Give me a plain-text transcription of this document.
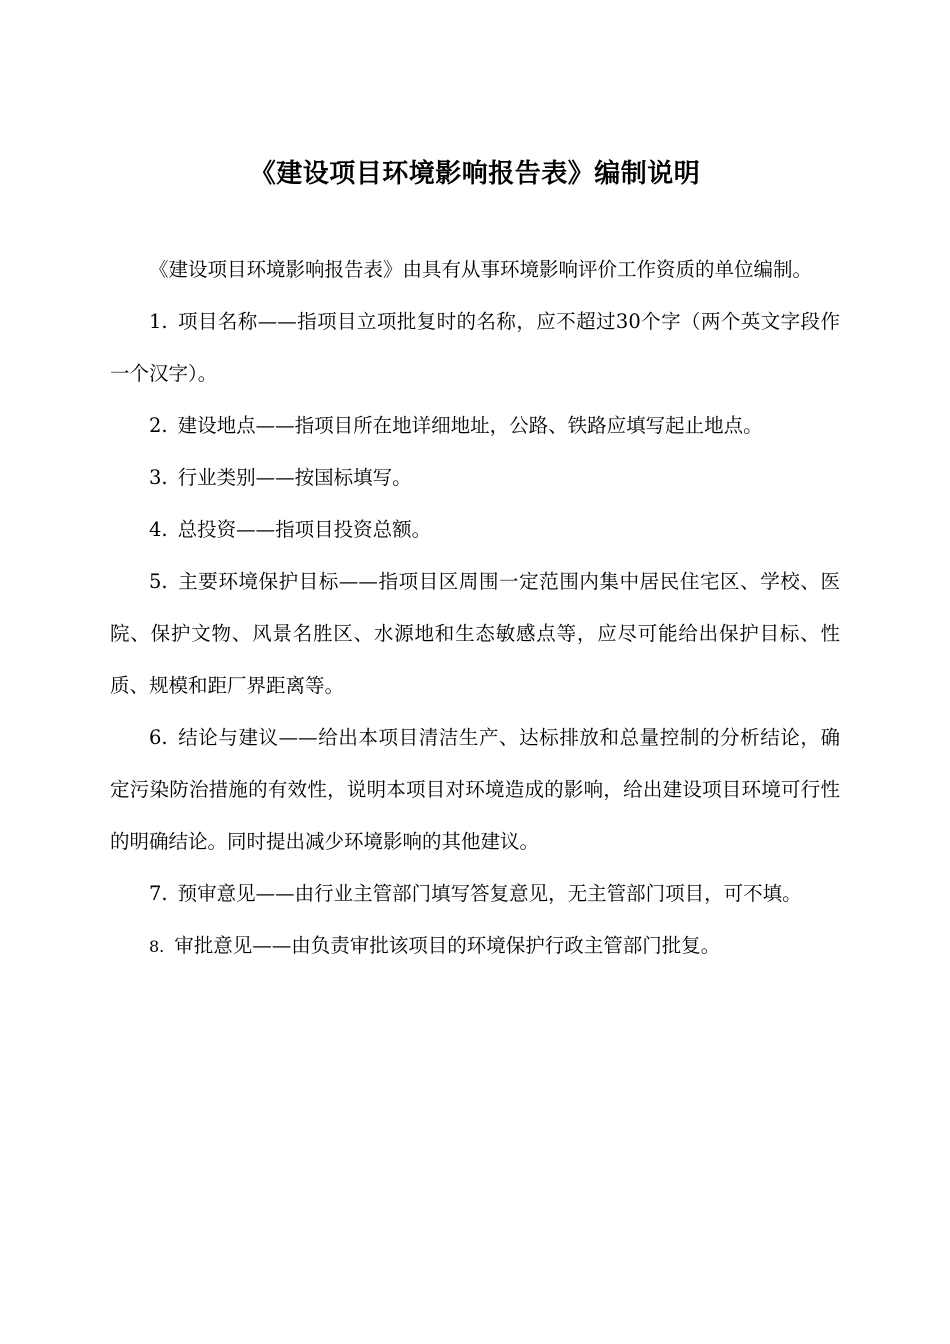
《建设项目环境影响报告表》编制说明

《建设项目环境影响报告表》由具有从事环境影响评价工作资质的单位编制。

1. 项目名称——指项目立项批复时的名称，应不超过30个字（两个英文字段作一个汉字）。

2. 建设地点——指项目所在地详细地址，公路、铁路应填写起止地点。

3. 行业类别——按国标填写。

4. 总投资——指项目投资总额。

5. 主要环境保护目标——指项目区周围一定范围内集中居民住宅区、学校、医院、保护文物、风景名胜区、水源地和生态敏感点等，应尽可能给出保护目标、性质、规模和距厂界距离等。

6. 结论与建议——给出本项目清洁生产、达标排放和总量控制的分析结论，确定污染防治措施的有效性，说明本项目对环境造成的影响，给出建设项目环境可行性的明确结论。同时提出减少环境影响的其他建议。

7. 预审意见——由行业主管部门填写答复意见，无主管部门项目，可不填。

8. 审批意见——由负责审批该项目的环境保护行政主管部门批复。
